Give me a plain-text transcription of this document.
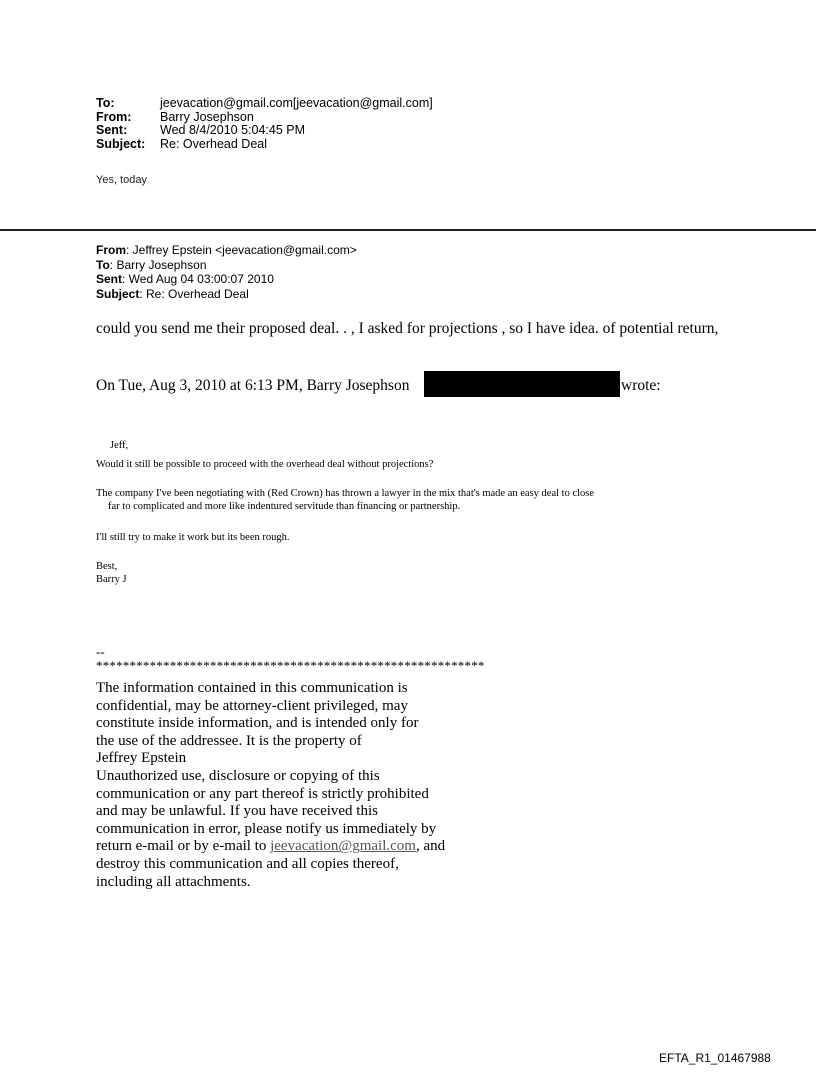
To:	jeevacation@gmail.com[jeevacation@gmail.com]
From:	Barry Josephson
Sent:	Wed 8/4/2010 5:04:45 PM
Subject:	Re: Overhead Deal
Yes, today
From: Jeffrey Epstein <jeevacation@gmail.com>
To: Barry Josephson
Sent: Wed Aug 04 03:00:07 2010
Subject: Re: Overhead Deal
could you send me their proposed deal. . , I asked for projections , so I have idea. of potential return,
On Tue, Aug 3, 2010 at 6:13 PM, Barry Josephson	wrote:
Jeff,
Would it still be possible to proceed with the overhead deal without projections?
The company I've been negotiating with (Red Crown) has thrown a lawyer in the mix that's made an easy deal to close
far to complicated and more like indentured servitude than financing or partnership.
I'll still try to make it work but its been rough.
Best,
Barry J
--
**********************************************************
The information contained in this communication is
confidential, may be attorney-client privileged, may
constitute inside information, and is intended only for
the use of the addressee. It is the property of
Jeffrey Epstein
Unauthorized use, disclosure or copying of this
communication or any part thereof is strictly prohibited
and may be unlawful. If you have received this
communication in error, please notify us immediately by
return e-mail or by e-mail to jeevacation@gmail.com, and
destroy this communication and all copies thereof,
including all attachments.
EFTA_R1_01467988
